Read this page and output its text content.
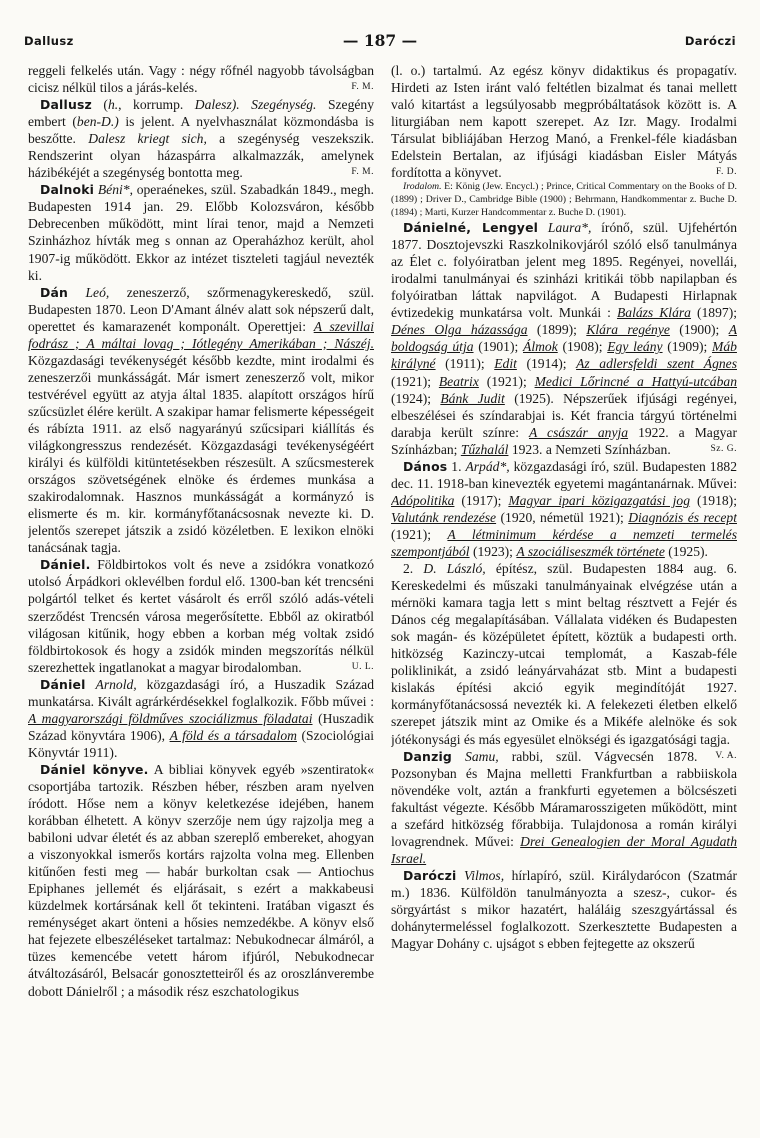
Dallusz	— 187 —	Daróczi

reggeli felkelés után. Vagy : négy rőfnél nagyobb távolságban cicisz nélkül tilos a járás-kelés.	F. M.

Dallusz (h., korrump. Dalesz). Szegénység. Szegény embert (ben-D.) is jelent. A nyelvhasználat közmondásba is beszőtte. Dalesz kriegt sich, a szegénység veszekszik. Rendszerint olyan házaspárra alkalmazzák, amelynek házibékéjét a szegénység bontotta meg.	F. M.

Dalnoki Béni*, operaénekes, szül. Szabadkán 1849., megh. Budapesten 1914 jan. 29. Előbb Kolozsváron, később Debrecenben működött, mint lírai tenor, majd a Nemzeti Szinházhoz hívták meg s onnan az Operaházhoz került, ahol 1907-ig működött. Ekkor az intézet tiszteleti tagjául nevezték ki.

Dán Leó, zeneszerző, szőrmenagykereskedő, szül. Budapesten 1870. Leon D'Amant álnév alatt sok népszerű dalt, operettet és kamarazenét komponált. Operettjei: A szevillai fodrász ; A máltai lovag ; Iótlegény Amerikában ; Nászéj. Közgazdasági tevékenységét később kezdte, mint irodalmi és zeneszerzői munkásságát. Már ismert zeneszerző volt, mikor testvérével együtt az atyja által 1835. alapított országos hírű szűcsüzlet élére került. A szakipar hamar felismerte képességeit és rábízta 1911. az első nagyarányú szűcsipari kiállítás és világkongresszus rendezését. Közgazdasági tevékenységéért királyi és külföldi kitüntetésekben részesült. A szűcsmesterek országos szövetségének elnöke és érdemes munkása a szakirodalomnak. Hasznos munkásságát a kormányzó is elismerte és m. kir. kormányfőtanácsosnak nevezte ki. D. jelentős szerepet játszik a zsidó közéletben. E lexikon elnöki tanácsának tagja.

Dániel. Földbirtokos volt és neve a zsidókra vonatkozó utolsó Árpádkori oklevélben fordul elő. 1300-ban két trencséni polgártól telket és kertet vásárolt és erről szóló adás-vételi szerződést Trencsén városa megerősítette. Ebből az okiratból világosan kitűnik, hogy ebben a korban még voltak zsidó földbirtokosok és hogy a zsidók minden megszorítás nélkül szerezhettek ingatlanokat a magyar birodalomban.	U. L.

Dániel Arnold, közgazdasági író, a Huszadik Század munkatársa. Kivált agrárkérdésekkel foglalkozik. Főbb művei : A magyarországi földműves szociálizmus föladatai (Huszadik Század könyvtára 1906), A föld és a társadalom (Szociológiai Könyvtár 1911).

Dániel könyve. A bibliai könyvek egyéb »szentiratok« csoportjába tartozik. Részben héber, részben aram nyelven íródott. Hőse nem a könyv keletkezése idejében, hanem korábban élhetett. A könyv szerzője nem úgy rajzolja meg a babiloni udvar életét és az abban szereplő embereket, ahogyan a viszonyokkal ismerős kortárs rajzolta volna meg. Ellenben kitűnően festi meg — habár burkoltan csak — Antiochus Epiphanes jellemét és eljárásait, s ezért a makkabeusi küzdelmek kortársának kell őt tekinteni. Iratában vigaszt és reménységet akart önteni a hősies nemzedékbe. A könyv első hat fejezete elbeszéléseket tartalmaz: Nebukodnecar álmáról, a tüzes kemencébe vetett három ifjúról, Nebukodnecar átváltozásáról, Belsacár gonosztetteiről és az oroszlánverembe dobott Dánielről ; a második rész eszchatologikus

(l. o.) tartalmú. Az egész könyv didaktikus és propagatív. Hirdeti az Isten iránt való feltétlen bizalmat és tanai mellett való kitartást a legsúlyosabb megpróbáltatások között is. A liturgiában nem kapott szerepet. Az Izr. Magy. Irodalmi Társulat bibliájában Herzog Manó, a Frenkel-féle kiadásban Edelstein Bertalan, az ifjúsági kiadásban Eisler Mátyás fordította a könyvet.	F. D.

Irodalom. E: König (Jew. Encycl.) ; Prince, Critical Commentary on the Books of D. (1899) ; Driver D., Cambridge Bible (1900) ; Behrmann, Handkommentar z. Buche D. (1894) ; Marti, Kurzer Handcommentar z. Buche D. (1901).

Dánielné, Lengyel Laura*, írónő, szül. Ujfehértón 1877. Dosztojevszki Raszkolnikovjáról szóló első tanulmánya az Élet c. folyóiratban jelent meg 1895. Regényei, novellái, irodalmi tanulmányai és szinházi kritikái több napilapban és folyóiratban láttak napvilágot. A Budapesti Hirlapnak évtizedekig munkatársa volt. Munkái : Balázs Klára (1897); Dénes Olga házassága (1899); Klára regénye (1900); A boldogság útja (1901); Álmok (1908); Egy leány (1909); Máb királyné (1911); Edit (1914); Az adlersfeldi szent Ágnes (1921); Beatrix (1921); Medici Lőrincné a Hattyú-utcában (1924); Bánk Judit (1925). Népszerűek ifjúsági regényei, elbeszélései és színdarabjai is. Két francia tárgyú történelmi darabja került színre: A császár anyja 1922. a Magyar Színházban; Tűzhalál 1923. a Nemzeti Színházban.	Sz. G.

Dános 1. Arpád*, közgazdasági író, szül. Budapesten 1882 dec. 11. 1918-ban kinevezték egyetemi magántanárnak. Művei: Adópolitika (1917); Magyar ipari közigazgatási jog (1918); Valutánk rendezése (1920, németül 1921); Diagnózis és recept (1921); A létminimum kérdése a nemzeti termelés szempontjából (1923); A szociáliseszmék története (1925).

2. D. László, építész, szül. Budapesten 1884 aug. 6. Kereskedelmi és műszaki tanulmányainak elvégzése után a mérnöki kamara tagja lett s mint beltag résztvett a Fejér és Dános cég megalapításában. Vállalata vidéken és Budapesten sok magán- és középületet épített, köztük a budapesti orth. hitközség Kazinczy-utcai templomát, a Kaszab-féle poliklinikát, a zsidó leányárvaházat stb. Mint a budapesti kislakás építési akció egyik megindítóját 1927. kormányfőtanácsossá nevezték ki. A felekezeti életben elkelő szerepet játszik mint az Omike és a Mikéfe alelnöke és sok jótékonysági és más egyesület elnökségi és igazgatósági tagja.
V. A.

Danzig Samu, rabbi, szül. Vágvecsén 1878. Pozsonyban és Majna melletti Frankfurtban a rabbiiskola növendéke volt, aztán a frankfurti egyetemen a bölcsészeti fakultást végezte. Később Máramarosszigeten működött, mint a szefárd hitközség főrabbija. Tulajdonosa a román királyi lovagrendnek. Művei: Drei Genealogien der Moral Agudath Israel.

Daróczi Vilmos, hírlapíró, szül. Királydarócon (Szatmár m.) 1836. Külföldön tanulmányozta a szesz-, cukor- és sörgyártást s mikor hazatért, haláláig szeszgyártással és dohánytermeléssel foglalkozott. Szerkesztette Budapesten a Magyar Dohány c. ujságot s ebben fejtegette az okszerű
